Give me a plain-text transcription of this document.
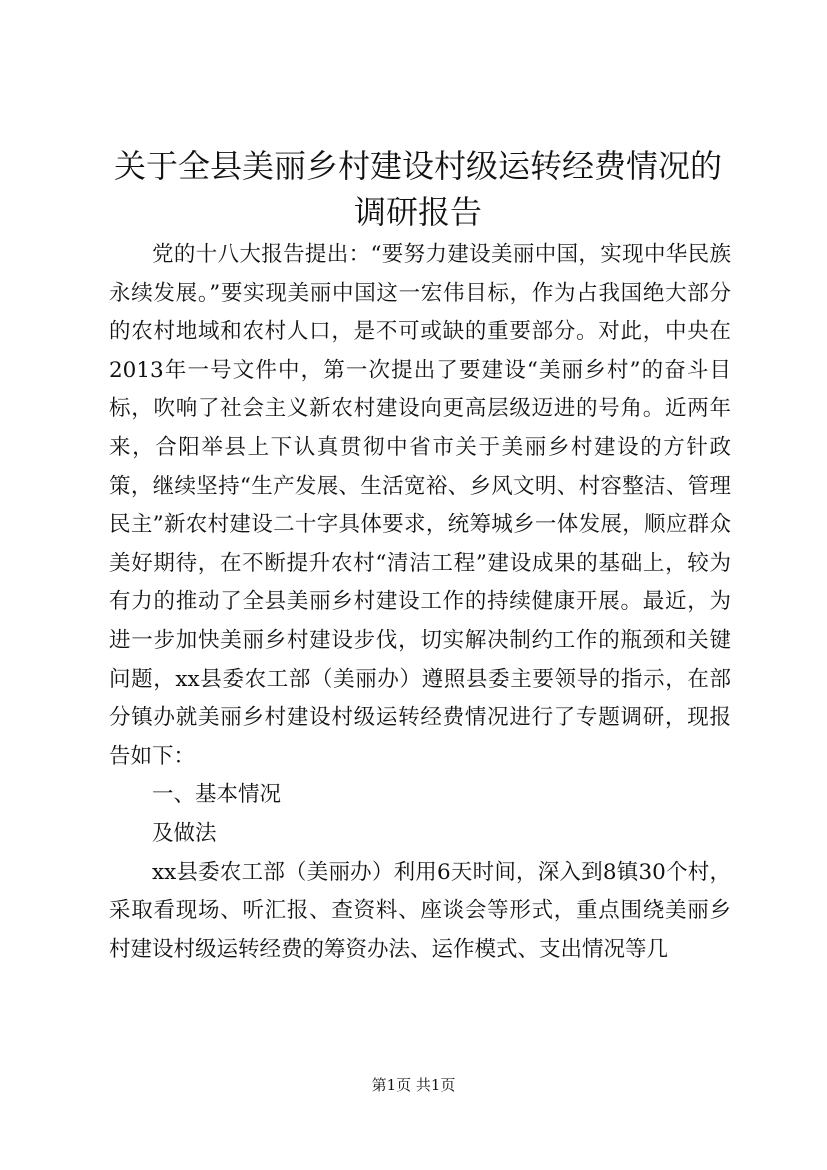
关于全县美丽乡村建设村级运转经费情况的调研报告

党的十八大报告提出：“要努力建设美丽中国，实现中华民族永续发展。”要实现美丽中国这一宏伟目标，作为占我国绝大部分的农村地域和农村人口，是不可或缺的重要部分。对此，中央在2013年一号文件中，第一次提出了要建设“美丽乡村”的奋斗目标，吹响了社会主义新农村建设向更高层级迈进的号角。近两年来，合阳举县上下认真贯彻中省市关于美丽乡村建设的方针政策，继续坚持“生产发展、生活宽裕、乡风文明、村容整洁、管理民主”新农村建设二十字具体要求，统筹城乡一体发展，顺应群众美好期待，在不断提升农村“清洁工程”建设成果的基础上，较为有力的推动了全县美丽乡村建设工作的持续健康开展。最近，为进一步加快美丽乡村建设步伐，切实解决制约工作的瓶颈和关键问题，xx县委农工部（美丽办）遵照县委主要领导的指示，在部分镇办就美丽乡村建设村级运转经费情况进行了专题调研，现报告如下：

一、基本情况

及做法

xx县委农工部（美丽办）利用6天时间，深入到8镇30个村，采取看现场、听汇报、查资料、座谈会等形式，重点围绕美丽乡村建设村级运转经费的筹资办法、运作模式、支出情况等几

第1页 共1页
